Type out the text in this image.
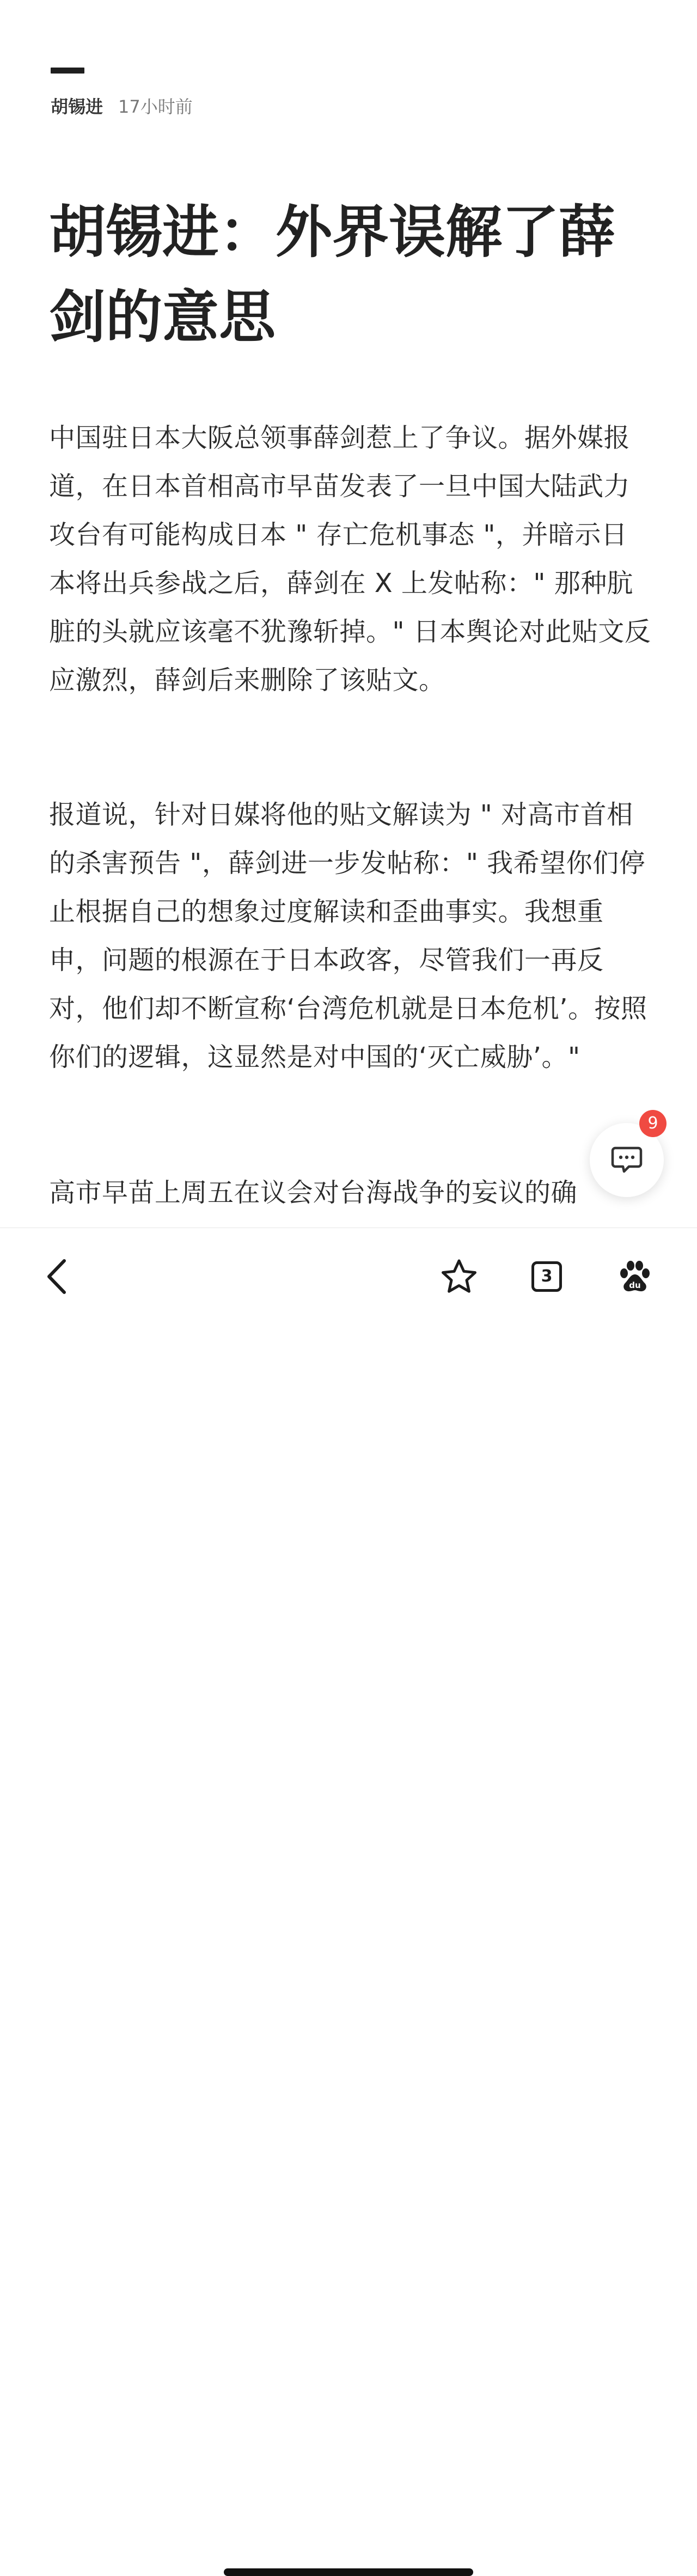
胡锡进 17小时前
胡锡进：外界误解了薛
剑的意思

中国驻日本大阪总领事薛剑惹上了争议。据外媒报道，在日本首相高市早苗发表了一旦中国大陆武力攻台有可能构成日本 " 存亡危机事态 "，并暗示日本将出兵参战之后，薛剑在 X 上发帖称：" 那种肮脏的头就应该毫不犹豫斩掉。" 日本舆论对此贴文反应激烈，薛剑后来删除了该贴文。

报道说，针对日媒将他的贴文解读为 " 对高市首相的杀害预告 "，薛剑进一步发帖称：" 我希望你们停止根据自己的想象过度解读和歪曲事实。我想重申，问题的根源在于日本政客，尽管我们一再反对，他们却不断宣称‘台湾危机就是日本危机’。按照你们的逻辑，这显然是对中国的‘灭亡威胁’。"

高市早苗上周五在议会对台海战争的妄议的确

9
3	du
